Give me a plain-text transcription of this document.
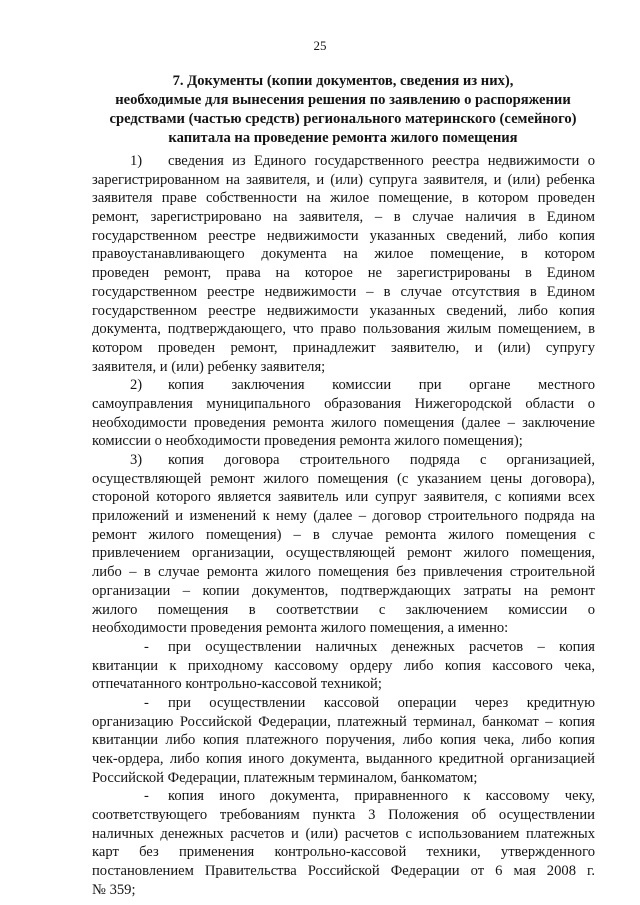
25
7. Документы (копии документов, сведения из них),
необходимые для вынесения решения по заявлению о распоряжении
средствами (частью средств) регионального материнского (семейного)
капитала на проведение ремонта жилого помещения
1) сведения из Единого государственного реестра недвижимости о
зарегистрированном на заявителя, и (или) супруга заявителя, и (или) ребенка
заявителя праве собственности на жилое помещение, в котором проведен
ремонт, зарегистрировано на заявителя, – в случае наличия в Едином
государственном реестре недвижимости указанных сведений, либо копия
правоустанавливающего документа на жилое помещение, в котором
проведен ремонт, права на которое не зарегистрированы в Едином
государственном реестре недвижимости – в случае отсутствия в Едином
государственном реестре недвижимости указанных сведений, либо копия
документа, подтверждающего, что право пользования жилым помещением, в
котором проведен ремонт, принадлежит заявителю, и (или) супругу
заявителя, и (или) ребенку заявителя;
2) копия заключения комиссии при органе местного
самоуправления муниципального образования Нижегородской области о
необходимости проведения ремонта жилого помещения (далее – заключение
комиссии о необходимости проведения ремонта жилого помещения);
3) копия договора строительного подряда с организацией,
осуществляющей ремонт жилого помещения (с указанием цены договора),
стороной которого является заявитель или супруг заявителя, с копиями всех
приложений и изменений к нему (далее – договор строительного подряда на
ремонт жилого помещения) – в случае ремонта жилого помещения с
привлечением организации, осуществляющей ремонт жилого помещения,
либо – в случае ремонта жилого помещения без привлечения строительной
организации – копии документов, подтверждающих затраты на ремонт
жилого помещения в соответствии с заключением комиссии о
необходимости проведения ремонта жилого помещения, а именно:
- при осуществлении наличных денежных расчетов – копия
квитанции к приходному кассовому ордеру либо копия кассового чека,
отпечатанного контрольно-кассовой техникой;
- при осуществлении кассовой операции через кредитную
организацию Российской Федерации, платежный терминал, банкомат – копия
квитанции либо копия платежного поручения, либо копия чека, либо копия
чек-ордера, либо копия иного документа, выданного кредитной организацией
Российской Федерации, платежным терминалом, банкоматом;
- копия иного документа, приравненного к кассовому чеку,
соответствующего требованиям пункта 3 Положения об осуществлении
наличных денежных расчетов и (или) расчетов с использованием платежных
карт без применения контрольно-кассовой техники, утвержденного
постановлением Правительства Российской Федерации от 6 мая 2008 г.
№ 359;
